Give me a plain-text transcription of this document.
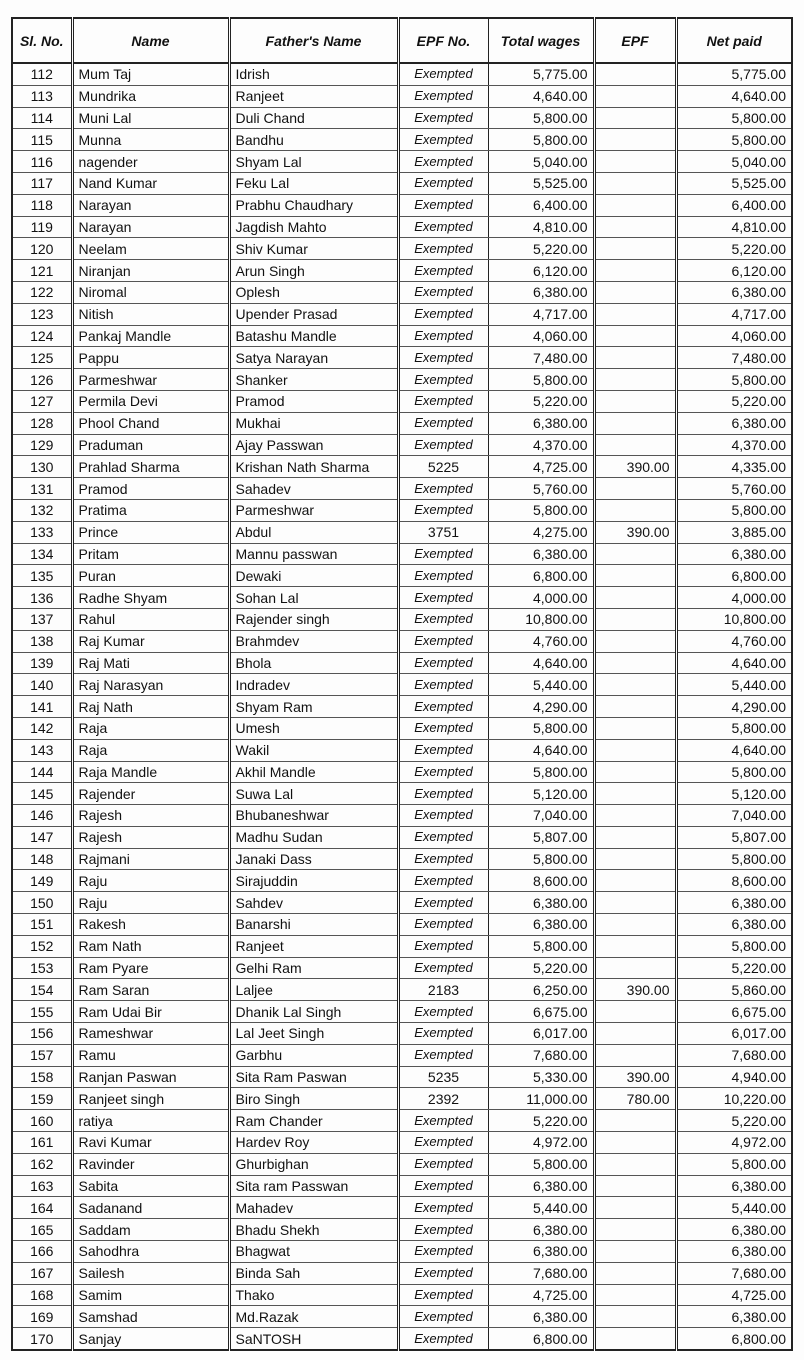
Sl. No.	Name	Father's Name	EPF No.	Total wages	EPF	Net paid
112	Mum Taj	Idrish	Exempted	5,775.00		5,775.00
113	Mundrika	Ranjeet	Exempted	4,640.00		4,640.00
114	Muni Lal	Duli Chand	Exempted	5,800.00		5,800.00
115	Munna	Bandhu	Exempted	5,800.00		5,800.00
116	nagender	Shyam Lal	Exempted	5,040.00		5,040.00
117	Nand Kumar	Feku Lal	Exempted	5,525.00		5,525.00
118	Narayan	Prabhu Chaudhary	Exempted	6,400.00		6,400.00
119	Narayan	Jagdish Mahto	Exempted	4,810.00		4,810.00
120	Neelam	Shiv Kumar	Exempted	5,220.00		5,220.00
121	Niranjan	Arun Singh	Exempted	6,120.00		6,120.00
122	Niromal	Oplesh	Exempted	6,380.00		6,380.00
123	Nitish	Upender Prasad	Exempted	4,717.00		4,717.00
124	Pankaj Mandle	Batashu Mandle	Exempted	4,060.00		4,060.00
125	Pappu	Satya Narayan	Exempted	7,480.00		7,480.00
126	Parmeshwar	Shanker	Exempted	5,800.00		5,800.00
127	Permila Devi	Pramod	Exempted	5,220.00		5,220.00
128	Phool Chand	Mukhai	Exempted	6,380.00		6,380.00
129	Praduman	Ajay Passwan	Exempted	4,370.00		4,370.00
130	Prahlad Sharma	Krishan Nath Sharma	5225	4,725.00	390.00	4,335.00
131	Pramod	Sahadev	Exempted	5,760.00		5,760.00
132	Pratima	Parmeshwar	Exempted	5,800.00		5,800.00
133	Prince	Abdul	3751	4,275.00	390.00	3,885.00
134	Pritam	Mannu passwan	Exempted	6,380.00		6,380.00
135	Puran	Dewaki	Exempted	6,800.00		6,800.00
136	Radhe Shyam	Sohan Lal	Exempted	4,000.00		4,000.00
137	Rahul	Rajender singh	Exempted	10,800.00		10,800.00
138	Raj Kumar	Brahmdev	Exempted	4,760.00		4,760.00
139	Raj Mati	Bhola	Exempted	4,640.00		4,640.00
140	Raj Narasyan	Indradev	Exempted	5,440.00		5,440.00
141	Raj Nath	Shyam Ram	Exempted	4,290.00		4,290.00
142	Raja	Umesh	Exempted	5,800.00		5,800.00
143	Raja	Wakil	Exempted	4,640.00		4,640.00
144	Raja Mandle	Akhil Mandle	Exempted	5,800.00		5,800.00
145	Rajender	Suwa Lal	Exempted	5,120.00		5,120.00
146	Rajesh	Bhubaneshwar	Exempted	7,040.00		7,040.00
147	Rajesh	Madhu Sudan	Exempted	5,807.00		5,807.00
148	Rajmani	Janaki Dass	Exempted	5,800.00		5,800.00
149	Raju	Sirajuddin	Exempted	8,600.00		8,600.00
150	Raju	Sahdev	Exempted	6,380.00		6,380.00
151	Rakesh	Banarshi	Exempted	6,380.00		6,380.00
152	Ram Nath	Ranjeet	Exempted	5,800.00		5,800.00
153	Ram Pyare	Gelhi Ram	Exempted	5,220.00		5,220.00
154	Ram Saran	Laljee	2183	6,250.00	390.00	5,860.00
155	Ram Udai Bir	Dhanik Lal Singh	Exempted	6,675.00		6,675.00
156	Rameshwar	Lal Jeet Singh	Exempted	6,017.00		6,017.00
157	Ramu	Garbhu	Exempted	7,680.00		7,680.00
158	Ranjan Paswan	Sita Ram Paswan	5235	5,330.00	390.00	4,940.00
159	Ranjeet singh	Biro Singh	2392	11,000.00	780.00	10,220.00
160	ratiya	Ram Chander	Exempted	5,220.00		5,220.00
161	Ravi Kumar	Hardev Roy	Exempted	4,972.00		4,972.00
162	Ravinder	Ghurbighan	Exempted	5,800.00		5,800.00
163	Sabita	Sita ram Passwan	Exempted	6,380.00		6,380.00
164	Sadanand	Mahadev	Exempted	5,440.00		5,440.00
165	Saddam	Bhadu Shekh	Exempted	6,380.00		6,380.00
166	Sahodhra	Bhagwat	Exempted	6,380.00		6,380.00
167	Sailesh	Binda Sah	Exempted	7,680.00		7,680.00
168	Samim	Thako	Exempted	4,725.00		4,725.00
169	Samshad	Md.Razak	Exempted	6,380.00		6,380.00
170	Sanjay	SaNTOSH	Exempted	6,800.00		6,800.00
